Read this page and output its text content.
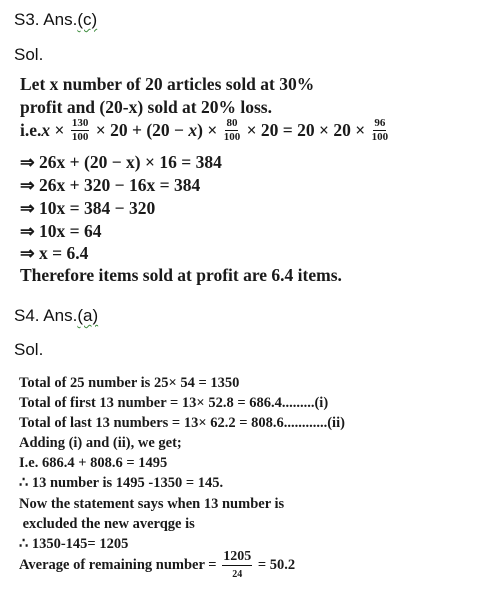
S3. Ans.(c)
Sol.
Let x number of 20 articles sold at 30%
profit and (20-x) sold at 20% loss.
i.e. $x \times \frac{130}{100} \times 20 + (20 - x$ ) × $\frac{80}{100} \times 20 = 20 \times 20 \times \frac{96}{100}$
⇒ 26x + (20 − x) × 16 = 384
⇒ 26x + 320 − 16x = 384
⇒ 10x = 384 − 320
⇒ 10x = 64
⇒ x = 6.4
Therefore items sold at profit are 6.4 items.
S4. Ans.(a)
Sol.
Total of 25 number is 25× 54 = 1350
Total of first 13 number = 13× 52.8 = 686.4.........(i)
Total of last 13 numbers = 13× 62.2 = 808.6............(ii)
Adding (i) and (ii), we get;
I.e. 686.4 + 808.6 = 1495
∴ 13 number is 1495 -1350 = 145.
Now the statement says when 13 number is
excluded the new averqge is
∴ 1350-145= 1205
Average of remaining number = $\frac{1205}{24} = 50.2$
